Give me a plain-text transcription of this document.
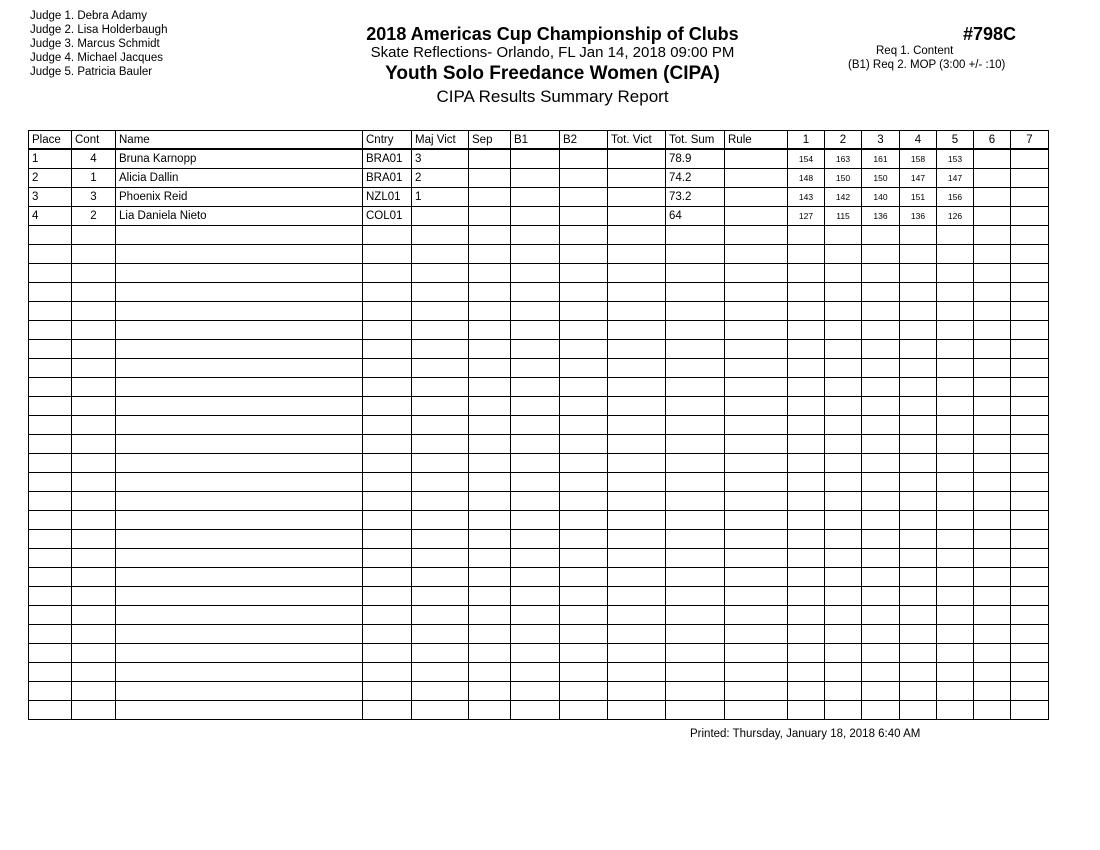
Judge 1. Debra Adamy
Judge 2. Lisa Holderbaugh
Judge 3. Marcus Schmidt
Judge 4. Michael Jacques
Judge 5. Patricia Bauler
2018 Americas Cup Championship of Clubs
Skate Reflections- Orlando, FL Jan 14, 2018 09:00 PM
Youth Solo Freedance Women (CIPA)
CIPA Results Summary Report
#798C
Req 1. Content
(B1) Req 2. MOP (3:00 +/- :10)
Place	Cont	Name	Cntry	Maj Vict	Sep	B1	B2	Tot. Vict	Tot. Sum	Rule	1	2	3	4	5	6	7
1	4	Bruna Karnopp	BRA01	3					78.9		154	163	161	158	153		
2	1	Alicia Dallin	BRA01	2					74.2		148	150	150	147	147		
3	3	Phoenix Reid	NZL01	1					73.2		143	142	140	151	156		
4	2	Lia Daniela Nieto	COL01						64		127	115	136	136	126		

Printed: Thursday, January 18, 2018 6:40 AM
